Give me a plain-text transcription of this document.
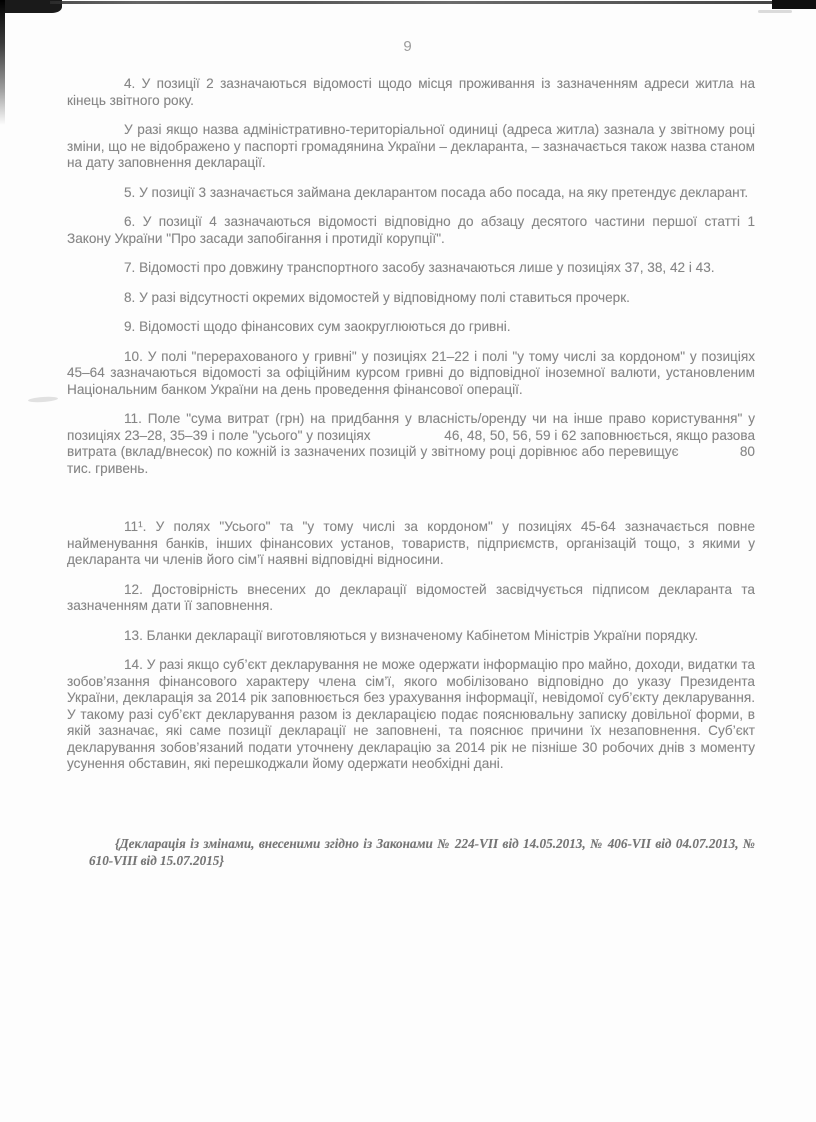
9

4. У позиції 2 зазначаються відомості щодо місця проживання із зазначенням адреси житла на кінець звітного року.

У разі якщо назва адміністративно-територіальної одиниці (адреса житла) зазнала у звітному році зміни, що не відображено у паспорті громадянина України – декларанта, – зазначається також назва станом на дату заповнення декларації.

5. У позиції 3 зазначається займана декларантом посада або посада, на яку претендує декларант.

6. У позиції 4 зазначаються відомості відповідно до абзацу десятого частини першої статті 1 Закону України "Про засади запобігання і протидії корупції".

7. Відомості про довжину транспортного засобу зазначаються лише у позиціях 37, 38, 42 і 43.

8. У разі відсутності окремих відомостей у відповідному полі ставиться прочерк.

9. Відомості щодо фінансових сум заокруглюються до гривні.

10. У полі "перерахованого у гривні" у позиціях 21–22 і полі "у тому числі за кордоном" у позиціях 45–64 зазначаються відомості за офіційним курсом гривні до відповідної іноземної валюти, установленим Національним банком України на день проведення фінансової операції.

11. Поле "сума витрат (грн) на придбання у власність/оренду чи на інше право користування" у позиціях 23–28, 35–39 і поле "усього" у позиціях                   46, 48, 50, 56, 59 і 62 заповнюється, якщо разова витрата (вклад/внесок) по кожній із зазначених позицій у звітному році дорівнює або перевищує               80 тис. гривень.

11¹. У полях "Усього" та "у тому числі за кордоном" у позиціях 45-64 зазначається повне найменування банків, інших фінансових установ, товариств, підприємств, організацій тощо, з якими у декларанта чи членів його сім’ї наявні відповідні відносини.

12. Достовірність внесених до декларації відомостей засвідчується підписом декларанта та зазначенням дати її заповнення.

13. Бланки декларації виготовляються у визначеному Кабінетом Міністрів України порядку.

14. У разі якщо суб’єкт декларування не може одержати інформацію про майно, доходи, видатки та зобов’язання фінансового характеру члена сім’ї, якого мобілізовано відповідно до указу Президента України, декларація за 2014 рік заповнюється без урахування інформації, невідомої суб’єкту декларування. У такому разі суб’єкт декларування разом із декларацією подає пояснювальну записку довільної форми, в якій зазначає, які саме позиції декларації не заповнені, та пояснює причини їх незаповнення. Суб’єкт декларування зобов’язаний подати уточнену декларацію за 2014 рік не пізніше 30 робочих днів з моменту усунення обставин, які перешкоджали йому одержати необхідні дані.

{Декларація із змінами, внесеними згідно із Законами № 224-VII від 14.05.2013, № 406-VII від 04.07.2013, № 610-VIII від 15.07.2015}
